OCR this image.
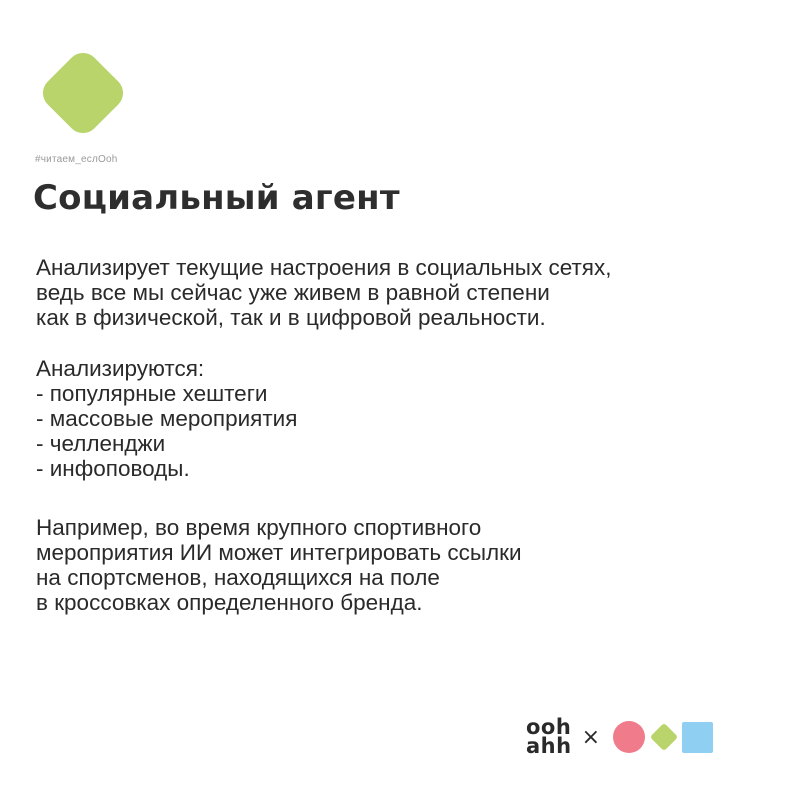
#читаем_еслOoh
Социальный агент

Анализирует текущие настроения в социальных сетях,
ведь все мы сейчас уже живем в равной степени
как в физической, так и в цифровой реальности.

Анализируются:
- популярные хештеги
- массовые мероприятия
- челленджи
- инфоповоды.

Например, во время крупного спортивного
мероприятия ИИ может интегрировать ссылки
на спортсменов, находящихся на поле
в кроссовках определенного бренда.

ooh
ahh ×
